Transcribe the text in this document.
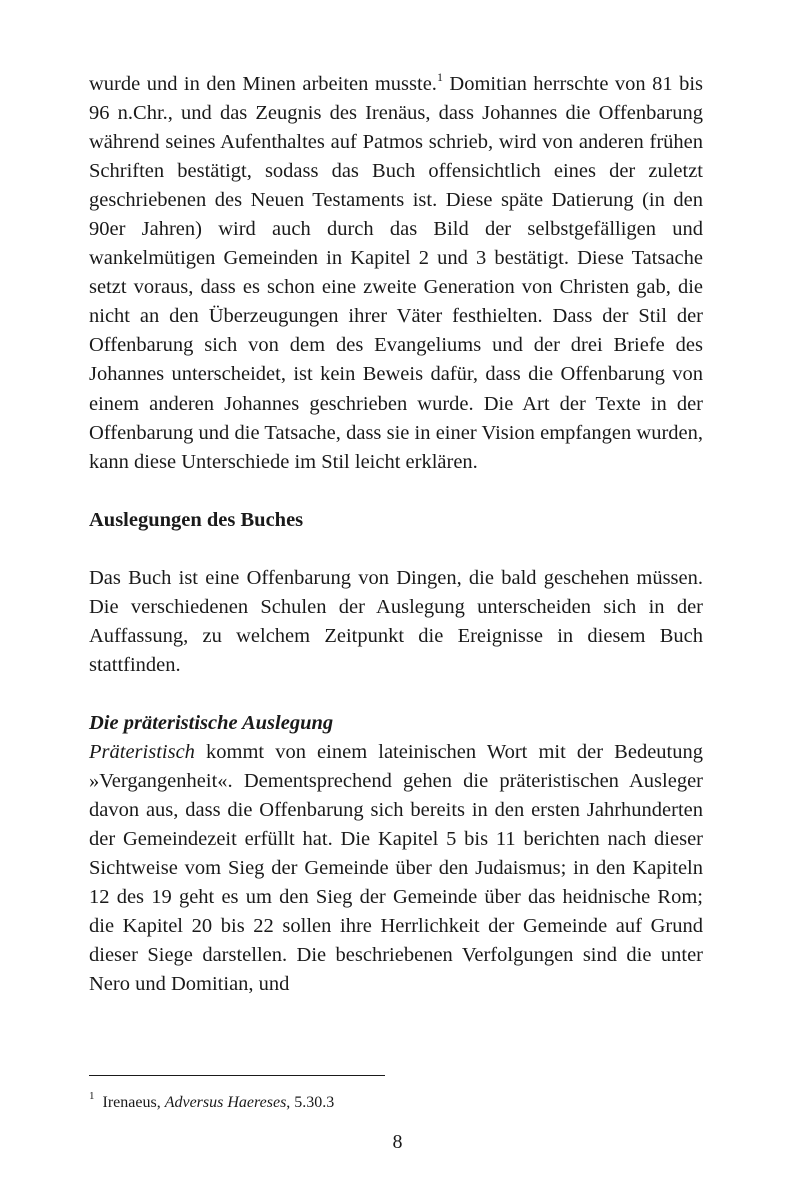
wurde und in den Minen arbeiten musste.$^1$ Domitian herrschte von 81 bis 96 n.Chr., und das Zeugnis des Irenäus, dass Johannes die Offenbarung während seines Aufenthaltes auf Patmos schrieb, wird von anderen frühen Schriften bestätigt, sodass das Buch offensichtlich eines der zuletzt geschriebenen des Neuen Testaments ist. Diese späte Datierung (in den 90er Jahren) wird auch durch das Bild der selbstgefälligen und wankelmütigen Gemeinden in Kapitel 2 und 3 bestätigt. Diese Tatsache setzt voraus, dass es schon eine zweite Generation von Christen gab, die nicht an den Überzeugungen ihrer Väter festhielten. Dass der Stil der Offenbarung sich von dem des Evangeliums und der drei Briefe des Johannes unterscheidet, ist kein Beweis dafür, dass die Offenbarung von einem anderen Johannes geschrieben wurde. Die Art der Texte in der Offenbarung und die Tatsache, dass sie in einer Vision empfangen wurden, kann diese Unterschiede im Stil leicht erklären.

Auslegungen des Buches

Das Buch ist eine Offenbarung von Dingen, die bald geschehen müssen. Die verschiedenen Schulen der Auslegung unterscheiden sich in der Auffassung, zu welchem Zeitpunkt die Ereignisse in diesem Buch stattfinden.

Die präteristische Auslegung

Präteristisch kommt von einem lateinischen Wort mit der Bedeutung »Vergangenheit«. Dementsprechend gehen die präteristischen Ausleger davon aus, dass die Offenbarung sich bereits in den ersten Jahrhunderten der Gemeindezeit erfüllt hat. Die Kapitel 5 bis 11 berichten nach dieser Sichtweise vom Sieg der Gemeinde über den Judaismus; in den Kapiteln 12 des 19 geht es um den Sieg der Gemeinde über das heidnische Rom; die Kapitel 20 bis 22 sollen ihre Herrlichkeit der Gemeinde auf Grund dieser Siege darstellen. Die beschriebenen Verfolgungen sind die unter Nero und Domitian, und

$^1$ Irenaeus, Adversus Haereses, 5.30.3
8
